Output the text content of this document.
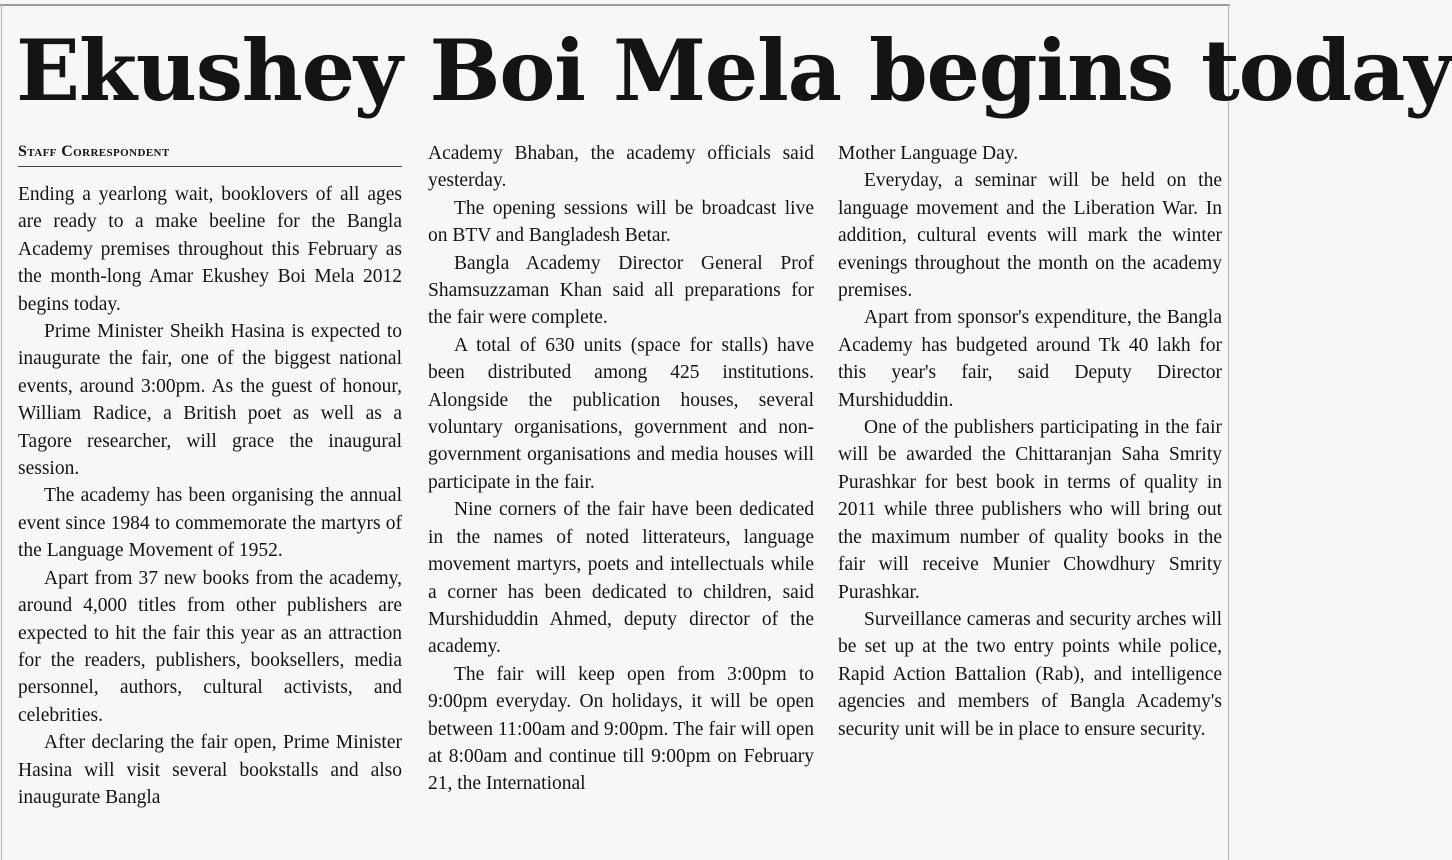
Ekushey Boi Mela begins today
Staff Correspondent

Ending a yearlong wait, booklovers of all ages are ready to a make beeline for the Bangla Academy premises throughout this February as the month-long Amar Ekushey Boi Mela 2012 begins today.

Prime Minister Sheikh Hasina is expected to inaugurate the fair, one of the biggest national events, around 3:00pm. As the guest of honour, William Radice, a British poet as well as a Tagore researcher, will grace the inaugural session.

The academy has been organising the annual event since 1984 to commemorate the martyrs of the Language Movement of 1952.

Apart from 37 new books from the academy, around 4,000 titles from other publishers are expected to hit the fair this year as an attraction for the readers, publishers, booksellers, media personnel, authors, cultural activists, and celebrities.

After declaring the fair open, Prime Minister Hasina will visit several bookstalls and also inaugurate Bangla

Academy Bhaban, the academy officials said yesterday.

The opening sessions will be broadcast live on BTV and Bangladesh Betar.

Bangla Academy Director General Prof Shamsuzzaman Khan said all preparations for the fair were complete.

A total of 630 units (space for stalls) have been distributed among 425 institutions. Alongside the publication houses, several voluntary organisations, government and non-government organisations and media houses will participate in the fair.

Nine corners of the fair have been dedicated in the names of noted litterateurs, language movement martyrs, poets and intellectuals while a corner has been dedicated to children, said Murshiduddin Ahmed, deputy director of the academy.

The fair will keep open from 3:00pm to 9:00pm everyday. On holidays, it will be open between 11:00am and 9:00pm. The fair will open at 8:00am and continue till 9:00pm on February 21, the International

Mother Language Day.

Everyday, a seminar will be held on the language movement and the Liberation War. In addition, cultural events will mark the winter evenings throughout the month on the academy premises.

Apart from sponsor's expenditure, the Bangla Academy has budgeted around Tk 40 lakh for this year's fair, said Deputy Director Murshiduddin.

One of the publishers participating in the fair will be awarded the Chittaranjan Saha Smrity Purashkar for best book in terms of quality in 2011 while three publishers who will bring out the maximum number of quality books in the fair will receive Munier Chowdhury Smrity Purashkar.

Surveillance cameras and security arches will be set up at the two entry points while police, Rapid Action Battalion (Rab), and intelligence agencies and members of Bangla Academy's security unit will be in place to ensure security.
